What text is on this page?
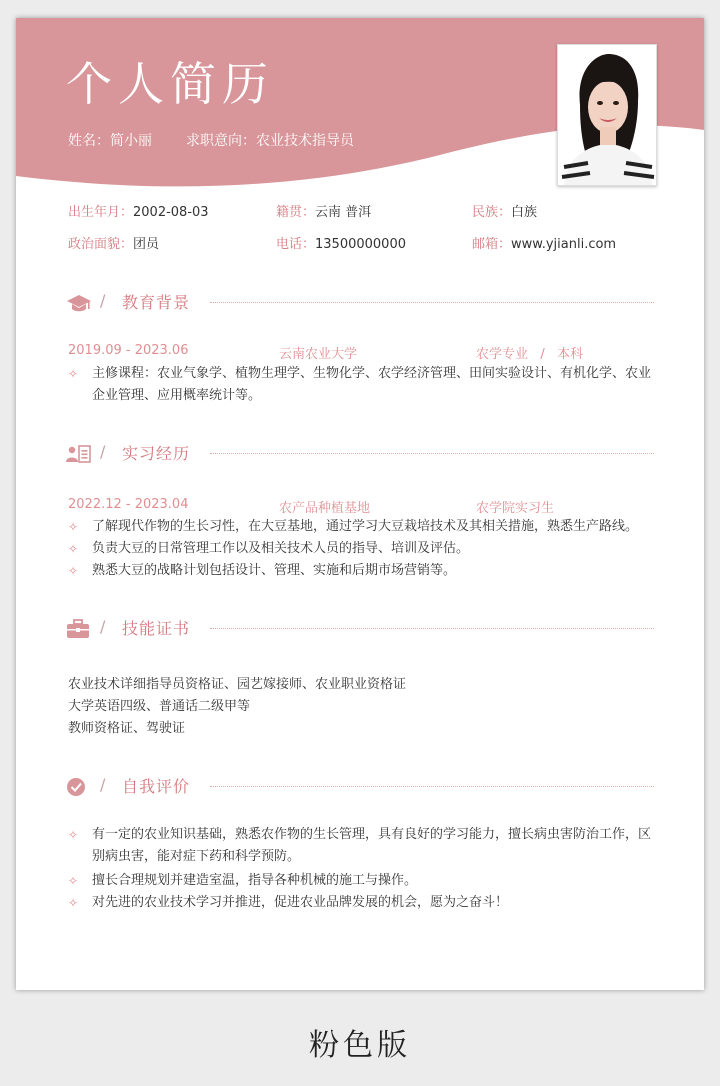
个人简历
姓名：简小丽 求职意向：农业技术指导员
出生年月：2002-08-03	籍贯：云南 普洱	民族：白族
政治面貌：团员	电话：13500000000	邮箱：www.yjianli.com
/ 教育背景
2019.09 - 2023.06	云南农业大学	农学专业   /   本科
✧	主修课程：农业气象学、植物生理学、生物化学、农学经济管理、田间实验设计、有机化学、农业企业管理、应用概率统计等。
/ 实习经历
2022.12 - 2023.04	农产品种植基地	农学院实习生
✧	了解现代作物的生长习性，在大豆基地，通过学习大豆栽培技术及其相关措施，熟悉生产路线。
✧	负责大豆的日常管理工作以及相关技术人员的指导、培训及评估。
✧	熟悉大豆的战略计划包括设计、管理、实施和后期市场营销等。
/ 技能证书
农业技术详细指导员资格证、园艺嫁接师、农业职业资格证
大学英语四级、普通话二级甲等
教师资格证、驾驶证
/ 自我评价
✧	有一定的农业知识基础，熟悉农作物的生长管理，具有良好的学习能力，擅长病虫害防治工作，区别病虫害，能对症下药和科学预防。
✧	擅长合理规划并建造室温，指导各种机械的施工与操作。
✧	对先进的农业技术学习并推进，促进农业品牌发展的机会，愿为之奋斗！
粉色版
